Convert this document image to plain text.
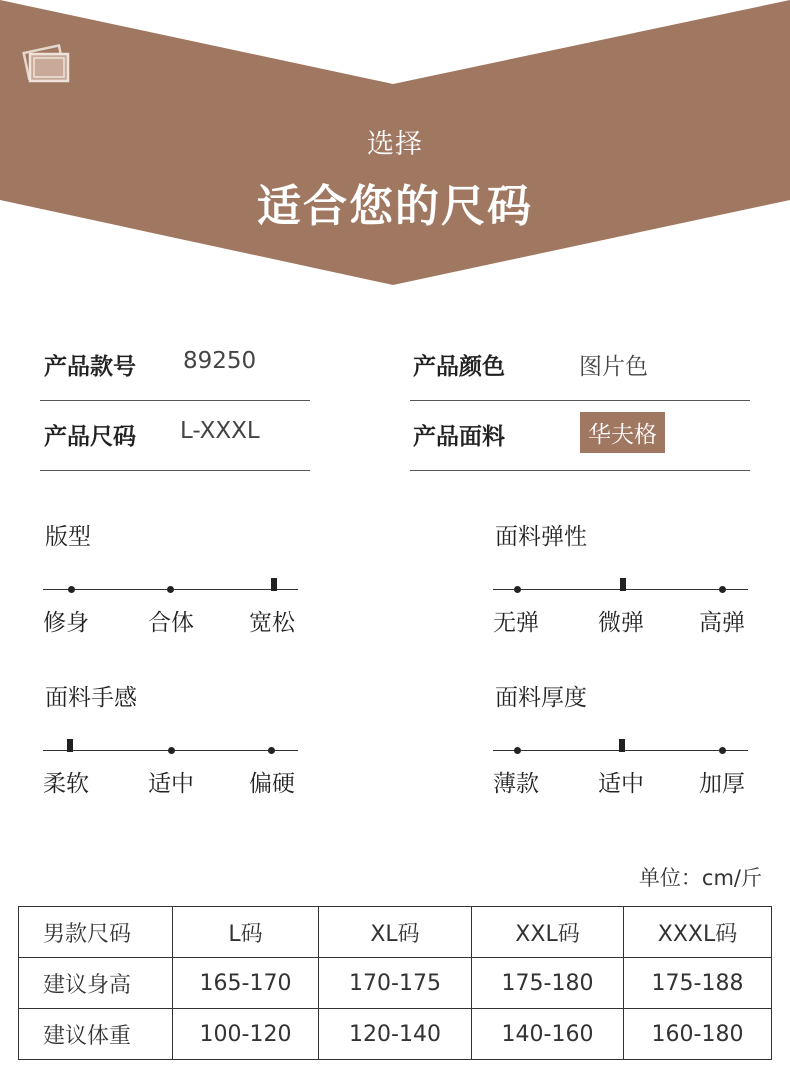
选择
适合您的尺码
产品款号 89250	产品颜色	图片色
产品尺码 L-XXXL	产品面料	华夫格
版型
修身	合体 宽松
面料弹性
无弹	微弹 高弹
面料手感
柔软	适中 偏硬
面料厚度
薄款	适中 加厚
单位：cm/斤
男款尺码	L码	XL码	XXL码	XXXL码
建议身高	165-170	170-175	175-180	175-188
建议体重	100-120	120-140	140-160	160-180
